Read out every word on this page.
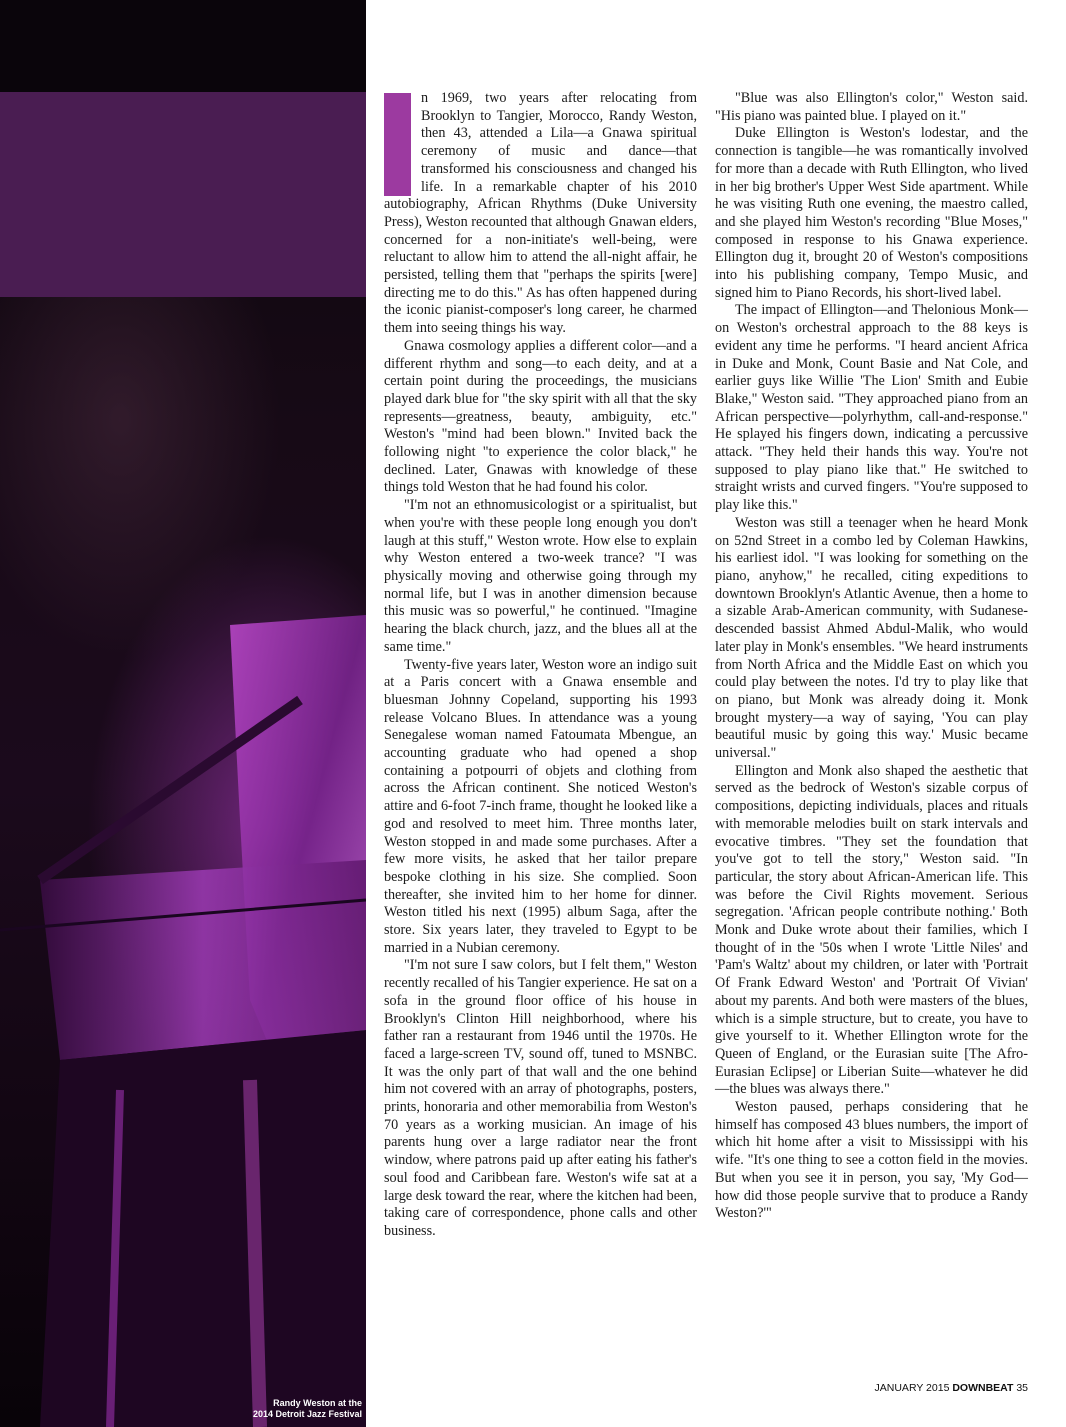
Randy Weston at the
2014 Detroit Jazz Festival

n 1969, two years after relocating from Brooklyn to Tangier, Morocco, Randy Weston, then 43, attended a Lila—a Gnawa spiritual ceremony of music and dance—that transformed his consciousness and changed his life. In a remarkable chapter of his 2010 autobiography, African Rhythms (Duke University Press), Weston recounted that although Gnawan elders, concerned for a non-initiate's well-being, were reluctant to allow him to attend the all-night affair, he persisted, telling them that "perhaps the spirits [were] directing me to do this." As has often happened during the iconic pianist-composer's long career, he charmed them into seeing things his way.

Gnawa cosmology applies a different color—and a different rhythm and song—to each deity, and at a certain point during the proceedings, the musicians played dark blue for "the sky spirit with all that the sky represents—greatness, beauty, ambiguity, etc." Weston's "mind had been blown." Invited back the following night "to experience the color black," he declined. Later, Gnawas with knowledge of these things told Weston that he had found his color.

"I'm not an ethnomusicologist or a spiritualist, but when you're with these people long enough you don't laugh at this stuff," Weston wrote. How else to explain why Weston entered a two-week trance? "I was physically moving and otherwise going through my normal life, but I was in another dimension because this music was so powerful," he continued. "Imagine hearing the black church, jazz, and the blues all at the same time."

Twenty-five years later, Weston wore an indigo suit at a Paris concert with a Gnawa ensemble and bluesman Johnny Copeland, supporting his 1993 release Volcano Blues. In attendance was a young Senegalese woman named Fatoumata Mbengue, an accounting graduate who had opened a shop containing a potpourri of objets and clothing from across the African continent. She noticed Weston's attire and 6-foot 7-inch frame, thought he looked like a god and resolved to meet him. Three months later, Weston stopped in and made some purchases. After a few more visits, he asked that her tailor prepare bespoke clothing in his size. She complied. Soon thereafter, she invited him to her home for dinner. Weston titled his next (1995) album Saga, after the store. Six years later, they traveled to Egypt to be married in a Nubian ceremony.

"I'm not sure I saw colors, but I felt them," Weston recently recalled of his Tangier experience. He sat on a sofa in the ground floor office of his house in Brooklyn's Clinton Hill neighborhood, where his father ran a restaurant from 1946 until the 1970s. He faced a large-screen TV, sound off, tuned to MSNBC. It was the only part of that wall and the one behind him not covered with an array of photographs, posters, prints, honoraria and other memorabilia from Weston's 70 years as a working musician. An image of his parents hung over a large radiator near the front window, where patrons paid up after eating his father's soul food and Caribbean fare. Weston's wife sat at a large desk toward the rear, where the kitchen had been, taking care of correspondence, phone calls and other business.

"Blue was also Ellington's color," Weston said. "His piano was painted blue. I played on it."

Duke Ellington is Weston's lodestar, and the connection is tangible—he was romantically involved for more than a decade with Ruth Ellington, who lived in her big brother's Upper West Side apartment. While he was visiting Ruth one evening, the maestro called, and she played him Weston's recording "Blue Moses," composed in response to his Gnawa experience. Ellington dug it, brought 20 of Weston's compositions into his publishing company, Tempo Music, and signed him to Piano Records, his short-lived label.

The impact of Ellington—and Thelonious Monk—on Weston's orchestral approach to the 88 keys is evident any time he performs. "I heard ancient Africa in Duke and Monk, Count Basie and Nat Cole, and earlier guys like Willie 'The Lion' Smith and Eubie Blake," Weston said. "They approached piano from an African perspective—polyrhythm, call-and-response." He splayed his fingers down, indicating a percussive attack. "They held their hands this way. You're not supposed to play piano like that." He switched to straight wrists and curved fingers. "You're supposed to play like this."

Weston was still a teenager when he heard Monk on 52nd Street in a combo led by Coleman Hawkins, his earliest idol. "I was looking for something on the piano, anyhow," he recalled, citing expeditions to downtown Brooklyn's Atlantic Avenue, then a home to a sizable Arab-American community, with Sudanese-descended bassist Ahmed Abdul-Malik, who would later play in Monk's ensembles. "We heard instruments from North Africa and the Middle East on which you could play between the notes. I'd try to play like that on piano, but Monk was already doing it. Monk brought mystery—a way of saying, 'You can play beautiful music by going this way.' Music became universal."

Ellington and Monk also shaped the aesthetic that served as the bedrock of Weston's sizable corpus of compositions, depicting individuals, places and rituals with memorable melodies built on stark intervals and evocative timbres. "They set the foundation that you've got to tell the story," Weston said. "In particular, the story about African-American life. This was before the Civil Rights movement. Serious segregation. 'African people contribute nothing.' Both Monk and Duke wrote about their families, which I thought of in the '50s when I wrote 'Little Niles' and 'Pam's Waltz' about my children, or later with 'Portrait Of Frank Edward Weston' and 'Portrait Of Vivian' about my parents. And both were masters of the blues, which is a simple structure, but to create, you have to give yourself to it. Whether Ellington wrote for the Queen of England, or the Eurasian suite [The Afro-Eurasian Eclipse] or Liberian Suite—whatever he did—the blues was always there."

Weston paused, perhaps considering that he himself has composed 43 blues numbers, the import of which hit home after a visit to Mississippi with his wife. "It's one thing to see a cotton field in the movies. But when you see it in person, you say, 'My God—how did those people survive that to produce a Randy Weston?'"

JANUARY 2015 DOWNBEAT 35
